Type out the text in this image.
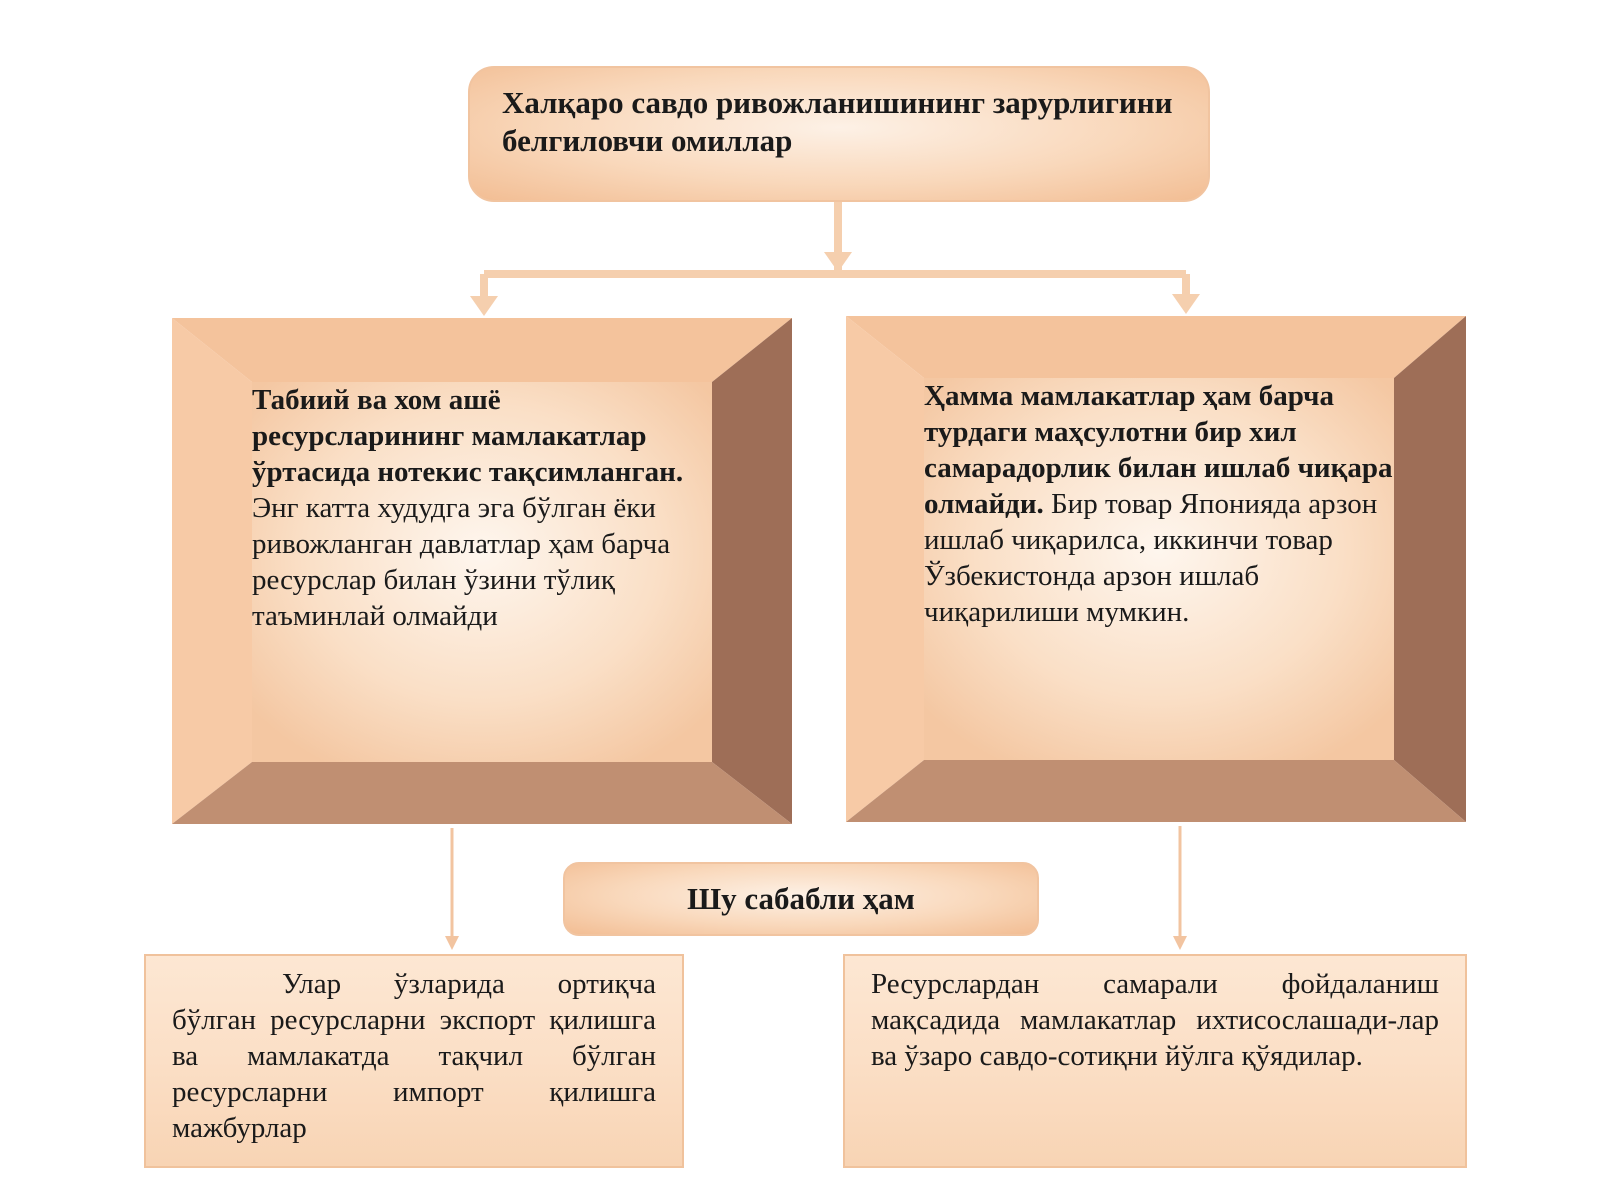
Халқаро савдо ривожланишининг зарурлигини белгиловчи омиллар
Табиий ва хом ашё ресурсларининг мамлакатлар ўртасида нотекис тақсимланган. Энг катта худудга эга бўлган ёки ривожланган давлатлар ҳам барча ресурслар билан ўзини тўлиқ таъминлай олмайди
Ҳамма мамлакатлар ҳам барча турдаги маҳсулотни бир хил самарадорлик билан ишлаб чиқара олмайди. Бир товар Японияда арзон ишлаб чиқарилса, иккинчи товар Ўзбекистонда арзон ишлаб чиқарилиши мумкин.
Шу сабабли ҳам

Улар ўзларида ортиқча бўлган ресурсларни экспорт қилишга ва мамлакатда тақчил бўлган ресурсларни импорт қилишга мажбурлар

Ресурслардан самарали фойдаланиш мақсадида мамлакатлар ихтисослашади-лар ва ўзаро савдо-сотиқни йўлга қўядилар.
